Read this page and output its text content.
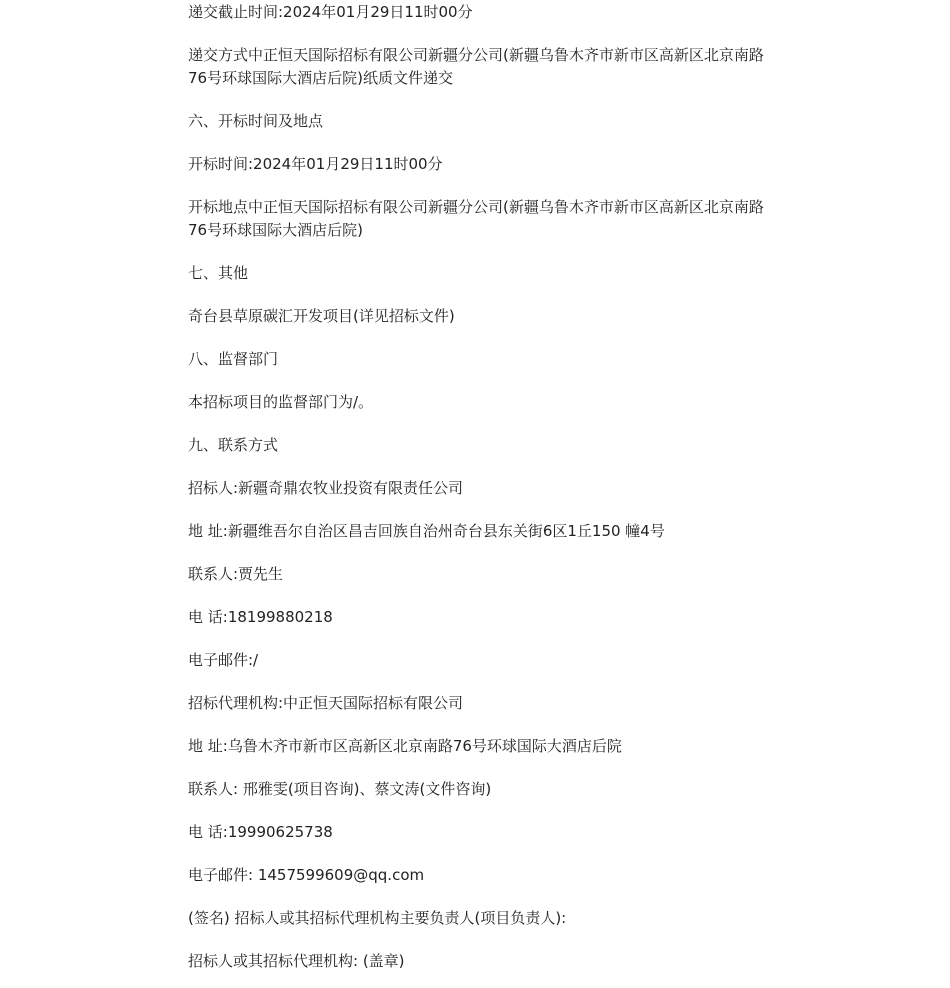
递交截止时间:2024年01月29日11时00分

递交方式中正恒天国际招标有限公司新疆分公司(新疆乌鲁木齐市新市区高新区北京南路76号环球国际大酒店后院)纸质文件递交

六、开标时间及地点

开标时间:2024年01月29日11时00分

开标地点中正恒天国际招标有限公司新疆分公司(新疆乌鲁木齐市新市区高新区北京南路76号环球国际大酒店后院)

七、其他

奇台县草原碳汇开发项目(详见招标文件)

八、监督部门

本招标项目的监督部门为/。

九、联系方式

招标人:新疆奇鼎农牧业投资有限责任公司

地 址:新疆维吾尔自治区昌吉回族自治州奇台县东关街6区1丘150 幢4号

联系人:贾先生

电 话:18199880218

电子邮件:/

招标代理机构:中正恒天国际招标有限公司

地 址:乌鲁木齐市新市区高新区北京南路76号环球国际大酒店后院

联系人: 邢雅雯(项目咨询)、蔡文涛(文件咨询)

电 话:19990625738

电子邮件: 1457599609@qq.com

(签名) 招标人或其招标代理机构主要负责人(项目负责人):

招标人或其招标代理机构: (盖章)
